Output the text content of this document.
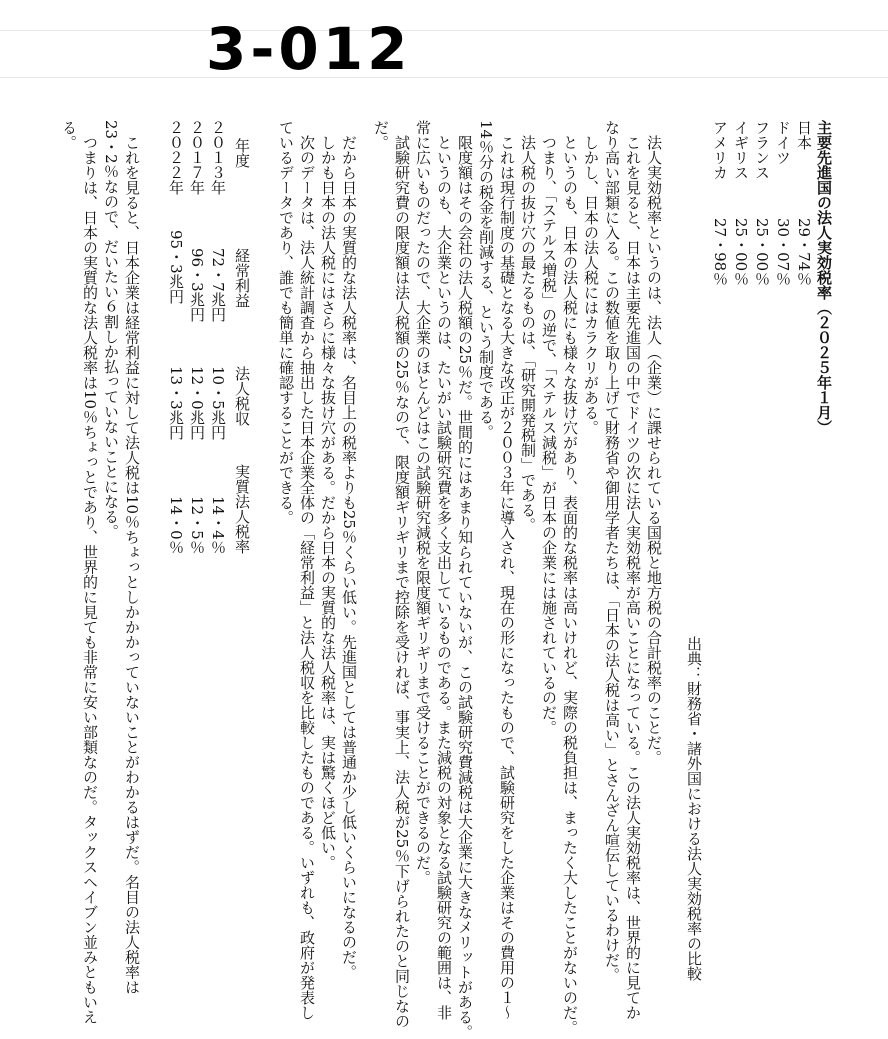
3-012
主要先進国の法人実効税率（２０２５年１月）
日本
29・74％
ドイツ
30・07％
フランス
25・00％
イギリス
25・00％
アメリカ
27・98％
出典：財務省・諸外国における法人実効税率の比較
　法人実効税率というのは、法人（企業）に課せられている国税と地方税の合計税率のことだ。
　これを見ると、日本は主要先進国の中でドイツの次に法人実効税率が高いことになっている。この法人実効税率は、世界的に見てか
なり高い部類に入る。この数値を取り上げて財務省や御用学者たちは、「日本の法人税は高い」とさんざん喧伝しているわけだ。
　しかし、日本の法人税にはカラクリがある。
　というのも、日本の法人税にも様々な抜け穴があり、表面的な税率は高いけれど、実際の税負担は、まったく大したことがないのだ。
　つまり、「ステルス増税」の逆で、「ステルス減税」が日本の企業には施されているのだ。
　法人税の抜け穴の最たるものは、「研究開発税制」である。
　これは現行制度の基礎となる大きな改正が２００３年に導入され、現在の形になったもので、試験研究をした企業はその費用の１〜
14％分の税金を削減する、という制度である。
　限度額はその会社の法人税額の25％だ。世間的にはあまり知られていないが、この試験研究費減税は大企業に大きなメリットがある。
　というのも、大企業というのは、たいがい試験研究費を多く支出しているものである。また減税の対象となる試験研究の範囲は、非
常に広いものだったので、大企業のほとんどはこの試験研究減税を限度額ギリギリまで受けることができるのだ。
　試験研究費の限度額は法人税額の25％なので、限度額ギリギリまで控除を受ければ、事実上、法人税が25％下げられたのと同じなの
だ。
　だから日本の実質的な法人税率は、名目上の税率よりも25％くらい低い。先進国としては普通か少し低いくらいになるのだ。
　しかも日本の法人税にはさらに様々な抜け穴がある。だから日本の実質的な法人税率は、実は驚くほど低い。
　次のデータは、法人統計調査から抽出した日本企業全体の「経常利益」と法人税収を比較したものである。いずれも、政府が発表し
ているデータであり、誰でも簡単に確認することができる。
年度
経常利益
法人税収
実質法人税率
２０１３年
72・7兆円
10・5兆円
14・4％
２０１７年
96・3兆円
12・0兆円
12・5％
２０２２年
95・3兆円
13・3兆円
14・0％
　これを見ると、日本企業は経常利益に対して法人税は10％ちょっとしかかかっていないことがわかるはずだ。名目の法人税率は
23・2％なので、だいたい６割しか払っていないことになる。
　つまりは、日本の実質的な法人税率は10％ちょっとであり、世界的に見ても非常に安い部類なのだ。タックスヘイブン並みともいえ
る。
